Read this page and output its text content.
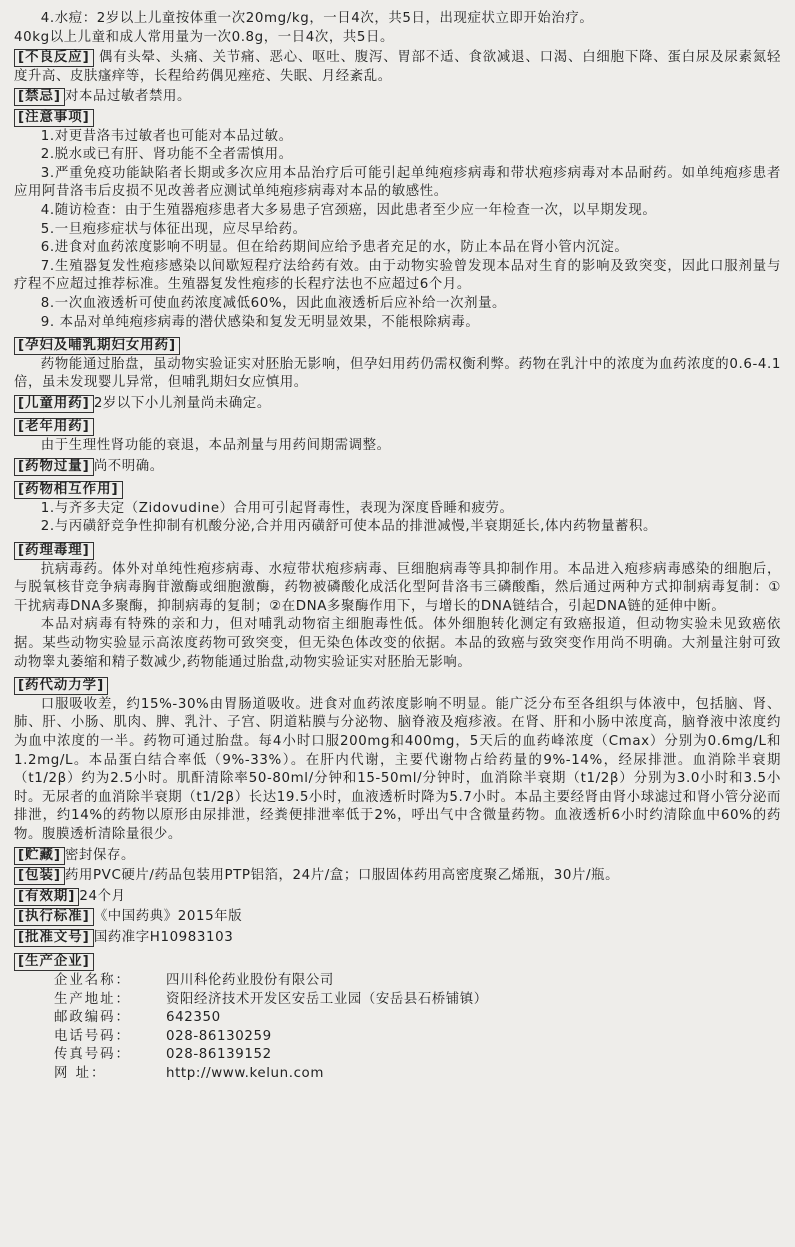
4.水痘：2岁以上儿童按体重一次20mg/kg，一日4次，共5日，出现症状立即开始治疗。

40kg以上儿童和成人常用量为一次0.8g，一日4次，共5日。

[不良反应] 偶有头晕、头痛、关节痛、恶心、呕吐、腹泻、胃部不适、食欲减退、口渴、白细胞下降、蛋白尿及尿素氮轻度升高、皮肤瘙痒等，长程给药偶见痤疮、失眠、月经紊乱。

[禁忌] 对本品过敏者禁用。

[注意事项]

1.对更昔洛韦过敏者也可能对本品过敏。

2.脱水或已有肝、肾功能不全者需慎用。

3.严重免疫功能缺陷者长期或多次应用本品治疗后可能引起单纯疱疹病毒和带状疱疹病毒对本品耐药。如单纯疱疹患者应用阿昔洛韦后皮损不见改善者应测试单纯疱疹病毒对本品的敏感性。

4.随访检查：由于生殖器疱疹患者大多易患子宫颈癌，因此患者至少应一年检查一次，以早期发现。

5.一旦疱疹症状与体征出现，应尽早给药。

6.进食对血药浓度影响不明显。但在给药期间应给予患者充足的水，防止本品在肾小管内沉淀。

7.生殖器复发性疱疹感染以间歇短程疗法给药有效。由于动物实验曾发现本品对生育的影响及致突变，因此口服剂量与疗程不应超过推荐标准。生殖器复发性疱疹的长程疗法也不应超过6个月。

8.一次血液透析可使血药浓度减低60%，因此血液透析后应补给一次剂量。

9. 本品对单纯疱疹病毒的潜伏感染和复发无明显效果，不能根除病毒。

[孕妇及哺乳期妇女用药]

药物能通过胎盘，虽动物实验证实对胚胎无影响，但孕妇用药仍需权衡利弊。药物在乳汁中的浓度为血药浓度的0.6-4.1倍，虽未发现婴儿异常，但哺乳期妇女应慎用。

[儿童用药] 2岁以下小儿剂量尚未确定。

[老年用药]

由于生理性肾功能的衰退，本品剂量与用药间期需调整。

[药物过量] 尚不明确。

[药物相互作用]

1.与齐多夫定（Zidovudine）合用可引起肾毒性，表现为深度昏睡和疲劳。

2.与丙磺舒竞争性抑制有机酸分泌,合并用丙磺舒可使本品的排泄减慢,半衰期延长,体内药物量蓄积。

[药理毒理]

抗病毒药。体外对单纯性疱疹病毒、水痘带状疱疹病毒、巨细胞病毒等具抑制作用。本品进入疱疹病毒感染的细胞后，与脱氧核苷竞争病毒胸苷激酶或细胞激酶，药物被磷酸化成活化型阿昔洛韦三磷酸酯，然后通过两种方式抑制病毒复制：①干扰病毒DNA多聚酶，抑制病毒的复制；②在DNA多聚酶作用下，与增长的DNA链结合，引起DNA链的延伸中断。

本品对病毒有特殊的亲和力，但对哺乳动物宿主细胞毒性低。体外细胞转化测定有致癌报道，但动物实验未见致癌依据。某些动物实验显示高浓度药物可致突变，但无染色体改变的依据。本品的致癌与致突变作用尚不明确。大剂量注射可致动物睾丸萎缩和精子数减少,药物能通过胎盘,动物实验证实对胚胎无影响。

[药代动力学]

口服吸收差，约15%-30%由胃肠道吸收。进食对血药浓度影响不明显。能广泛分布至各组织与体液中，包括脑、肾、肺、肝、小肠、肌肉、脾、乳汁、子宫、阴道粘膜与分泌物、脑脊液及疱疹液。在肾、肝和小肠中浓度高，脑脊液中浓度约为血中浓度的一半。药物可通过胎盘。每4小时口服200mg和400mg，5天后的血药峰浓度（Cmax）分别为0.6mg/L和1.2mg/L。本品蛋白结合率低（9%-33%）。在肝内代谢，主要代谢物占给药量的9%-14%，经尿排泄。血消除半衰期（t1/2β）约为2.5小时。肌酐清除率50-80ml/分钟和15-50ml/分钟时，血消除半衰期（t1/2β）分别为3.0小时和3.5小时。无尿者的血消除半衰期（t1/2β）长达19.5小时，血液透析时降为5.7小时。本品主要经肾由肾小球滤过和肾小管分泌而排泄，约14%的药物以原形由尿排泄，经粪便排泄率低于2%，呼出气中含微量药物。血液透析6小时约清除血中60%的药物。腹膜透析清除量很少。

[贮藏] 密封保存。

[包装] 药用PVC硬片/药品包装用PTP铝箔，24片/盒；口服固体药用高密度聚乙烯瓶，30片/瓶。

[有效期] 24个月

[执行标准] 《中国药典》2015年版

[批准文号] 国药准字H10983103

[生产企业]
企业名称：	四川科伦药业股份有限公司
生产地址：	资阳经济技术开发区安岳工业园（安岳县石桥铺镇）
邮政编码：	642350
电话号码：	028-86130259
传真号码：	028-86139152
网 址：	http://www.kelun.com
